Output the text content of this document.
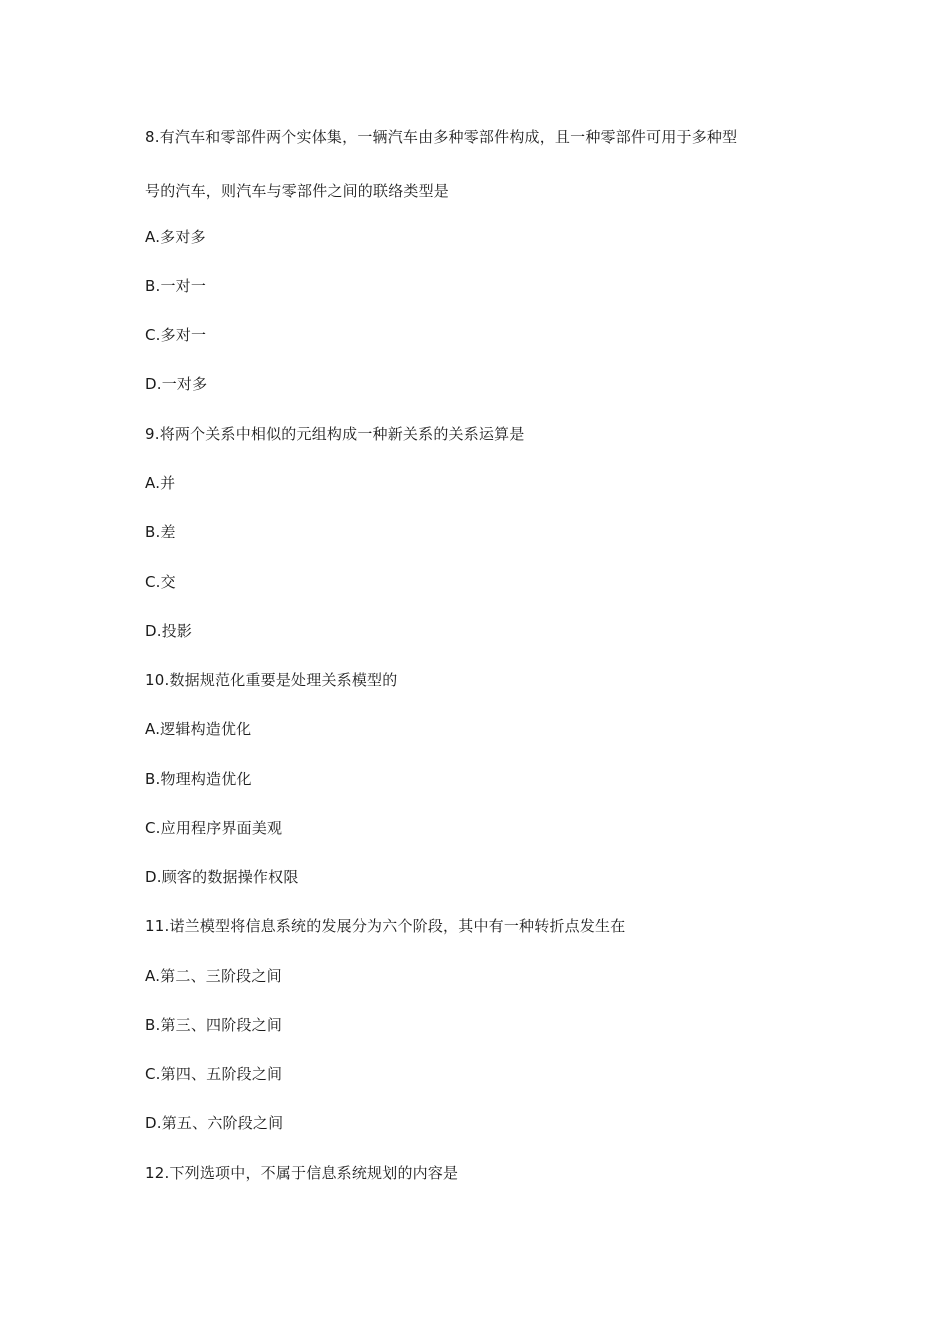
8.有汽车和零部件两个实体集，一辆汽车由多种零部件构成，且一种零部件可用于多种型
号的汽车，则汽车与零部件之间的联络类型是
A.多对多
B.一对一
C.多对一
D.一对多
9.将两个关系中相似的元组构成一种新关系的关系运算是
A.并
B.差
C.交
D.投影
10.数据规范化重要是处理关系模型的
A.逻辑构造优化
B.物理构造优化
C.应用程序界面美观
D.顾客的数据操作权限
11.诺兰模型将信息系统的发展分为六个阶段，其中有一种转折点发生在
A.第二、三阶段之间
B.第三、四阶段之间
C.第四、五阶段之间
D.第五、六阶段之间
12.下列选项中，不属于信息系统规划的内容是
